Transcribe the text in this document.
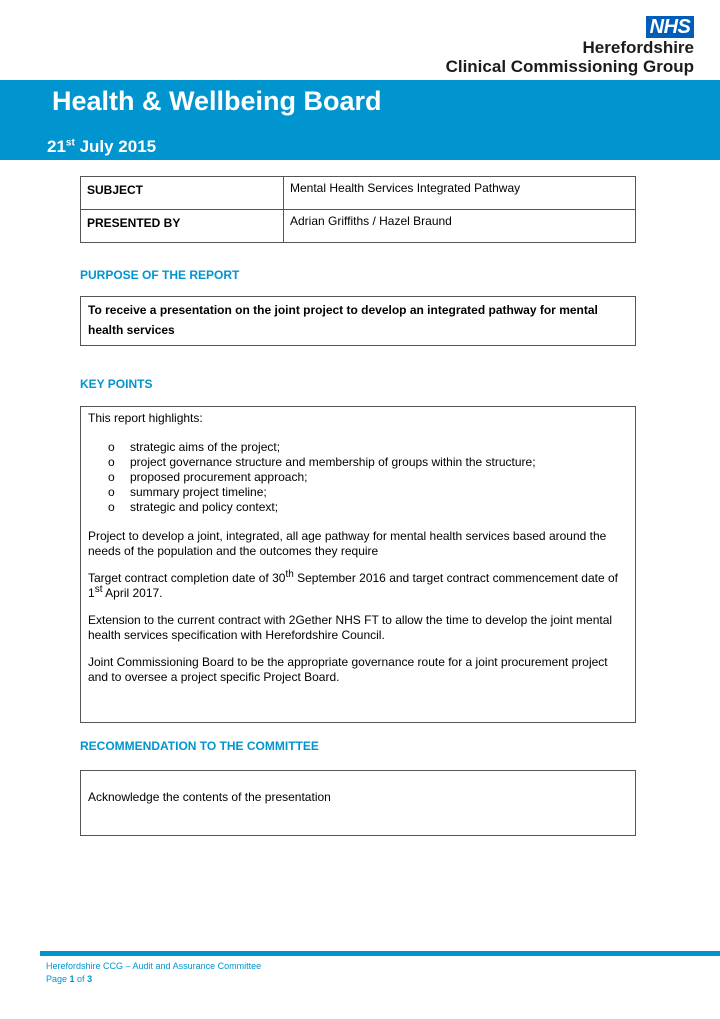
NHS
Herefordshire
Clinical Commissioning Group
Health & Wellbeing Board
21st July 2015
SUBJECT	Mental Health Services Integrated Pathway
PRESENTED BY	Adrian Griffiths / Hazel Braund
PURPOSE OF THE REPORT
To receive a presentation on the joint project to develop an integrated pathway for mental health services
KEY POINTS
This report highlights:
o strategic aims of the project;
o project governance structure and membership of groups within the structure;
o proposed procurement approach;
o summary project timeline;
o strategic and policy context;

Project to develop a joint, integrated, all age pathway for mental health services based around the needs of the population and the outcomes they require

Target contract completion date of 30th September 2016 and target contract commencement date of 1st April 2017.

Extension to the current contract with 2Gether NHS FT to allow the time to develop the joint mental health services specification with Herefordshire Council.

Joint Commissioning Board to be the appropriate governance route for a joint procurement project and to oversee a project specific Project Board.

RECOMMENDATION TO THE COMMITTEE
Acknowledge the contents of the presentation
Herefordshire CCG – Audit and Assurance Committee
Page 1 of 3
